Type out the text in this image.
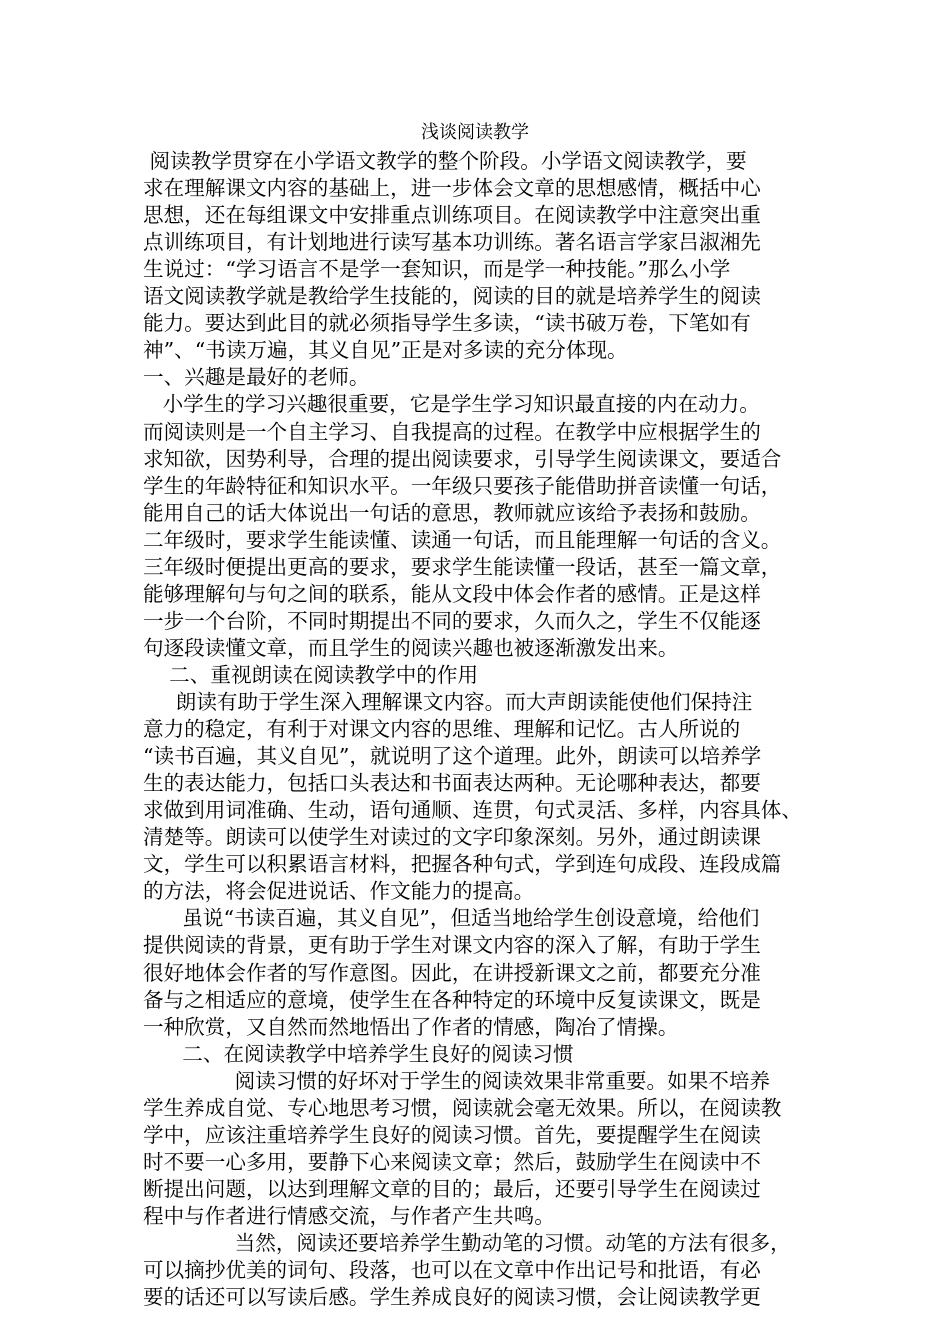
浅谈阅读教学
阅读教学贯穿在小学语文教学的整个阶段。小学语文阅读教学，要
求在理解课文内容的基础上，进一步体会文章的思想感情，概括中心
思想，还在每组课文中安排重点训练项目。在阅读教学中注意突出重
点训练项目，有计划地进行读写基本功训练。著名语言学家吕淑湘先
生说过：“学习语言不是学一套知识，而是学一种技能。”那么小学
语文阅读教学就是教给学生技能的，阅读的目的就是培养学生的阅读
能力。要达到此目的就必须指导学生多读，“读书破万卷，下笔如有
神”、“书读万遍，其义自见”正是对多读的充分体现。
一、兴趣是最好的老师。
小学生的学习兴趣很重要，它是学生学习知识最直接的内在动力。
而阅读则是一个自主学习、自我提高的过程。在教学中应根据学生的
求知欲，因势利导，合理的提出阅读要求，引导学生阅读课文，要适合
学生的年龄特征和知识水平。一年级只要孩子能借助拼音读懂一句话，
能用自己的话大体说出一句话的意思，教师就应该给予表扬和鼓励。
二年级时，要求学生能读懂、读通一句话，而且能理解一句话的含义。
三年级时便提出更高的要求，要求学生能读懂一段话，甚至一篇文章，
能够理解句与句之间的联系，能从文段中体会作者的感情。正是这样
一步一个台阶，不同时期提出不同的要求，久而久之，学生不仅能逐
句逐段读懂文章，而且学生的阅读兴趣也被逐渐激发出来。
二、重视朗读在阅读教学中的作用
朗读有助于学生深入理解课文内容。而大声朗读能使他们保持注
意力的稳定，有利于对课文内容的思维、理解和记忆。古人所说的
“读书百遍，其义自见”，就说明了这个道理。此外，朗读可以培养学
生的表达能力，包括口头表达和书面表达两种。无论哪种表达，都要
求做到用词准确、生动，语句通顺、连贯，句式灵活、多样，内容具体、
清楚等。朗读可以使学生对读过的文字印象深刻。另外，通过朗读课
文，学生可以积累语言材料，把握各种句式，学到连句成段、连段成篇
的方法，将会促进说话、作文能力的提高。
虽说“书读百遍，其义自见”，但适当地给学生创设意境，给他们
提供阅读的背景，更有助于学生对课文内容的深入了解，有助于学生
很好地体会作者的写作意图。因此，在讲授新课文之前，都要充分准
备与之相适应的意境，使学生在各种特定的环境中反复读课文，既是
一种欣赏，又自然而然地悟出了作者的情感，陶冶了情操。
二、在阅读教学中培养学生良好的阅读习惯
阅读习惯的好坏对于学生的阅读效果非常重要。如果不培养
学生养成自觉、专心地思考习惯，阅读就会毫无效果。所以，在阅读教
学中，应该注重培养学生良好的阅读习惯。首先，要提醒学生在阅读
时不要一心多用，要静下心来阅读文章；然后，鼓励学生在阅读中不
断提出问题，以达到理解文章的目的；最后，还要引导学生在阅读过
程中与作者进行情感交流，与作者产生共鸣。
当然，阅读还要培养学生勤动笔的习惯。动笔的方法有很多，
可以摘抄优美的词句、段落，也可以在文章中作出记号和批语，有必
要的话还可以写读后感。学生养成良好的阅读习惯，会让阅读教学更
